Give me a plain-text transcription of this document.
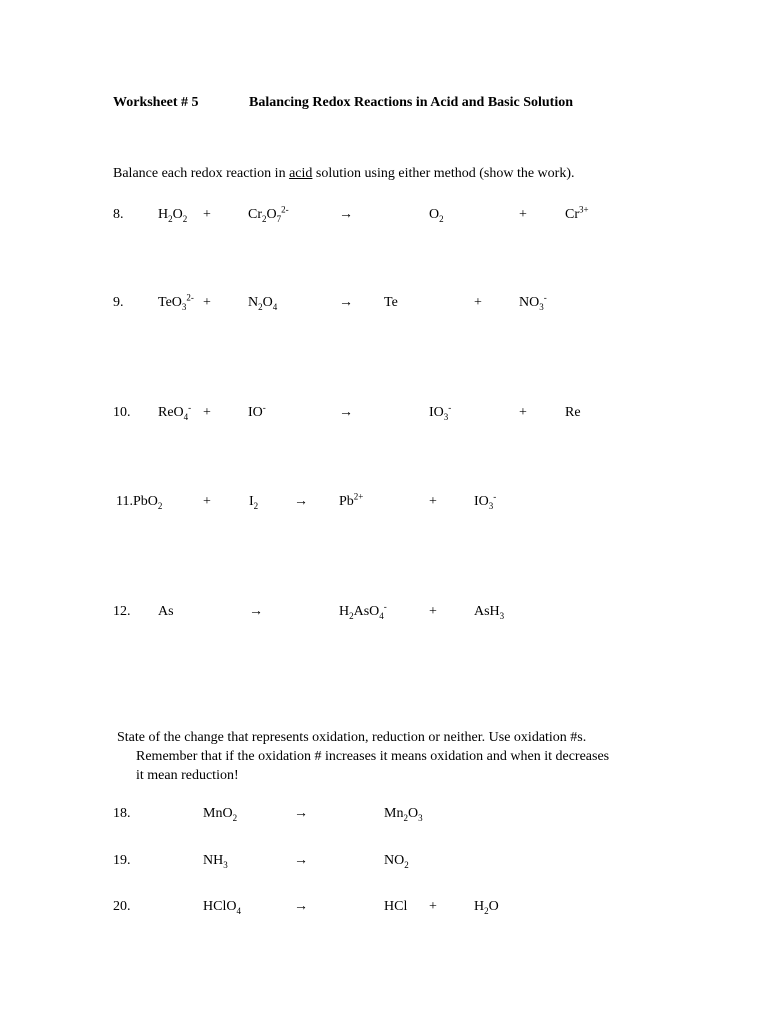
Worksheet # 5	Balancing Redox Reactions in Acid and Basic Solution
Balance each redox reaction in acid solution using either method (show the work).
8. $H_2O_2$ +	$Cr_2O_7^{2-}$	→	$O_2$	+	$Cr^{3+}$
9. TeO$_3^{2-}$ +	$N_2O_4$	→ Te	+	$NO_3^-$
10. ReO$_4$- +	IO-	→	$IO_3^-$	+	Re
11.PbO$_2$	+	$I_2$	→ $Pb^{2+}$	+	$IO_3^-$
12. As	→	$H_2AsO_4^-$	+	AsH$_3$
State of the change that represents oxidation, reduction or neither. Use oxidation #s.

Remember that if the oxidation # increases it means oxidation and when it decreases
it mean reduction!
18.	MnO$_2$	→	$Mn_2O_3$
19.	$NH_3$	→	$NO_2$
20.	HClO$_4$	→	HCl +	$H_2O$
